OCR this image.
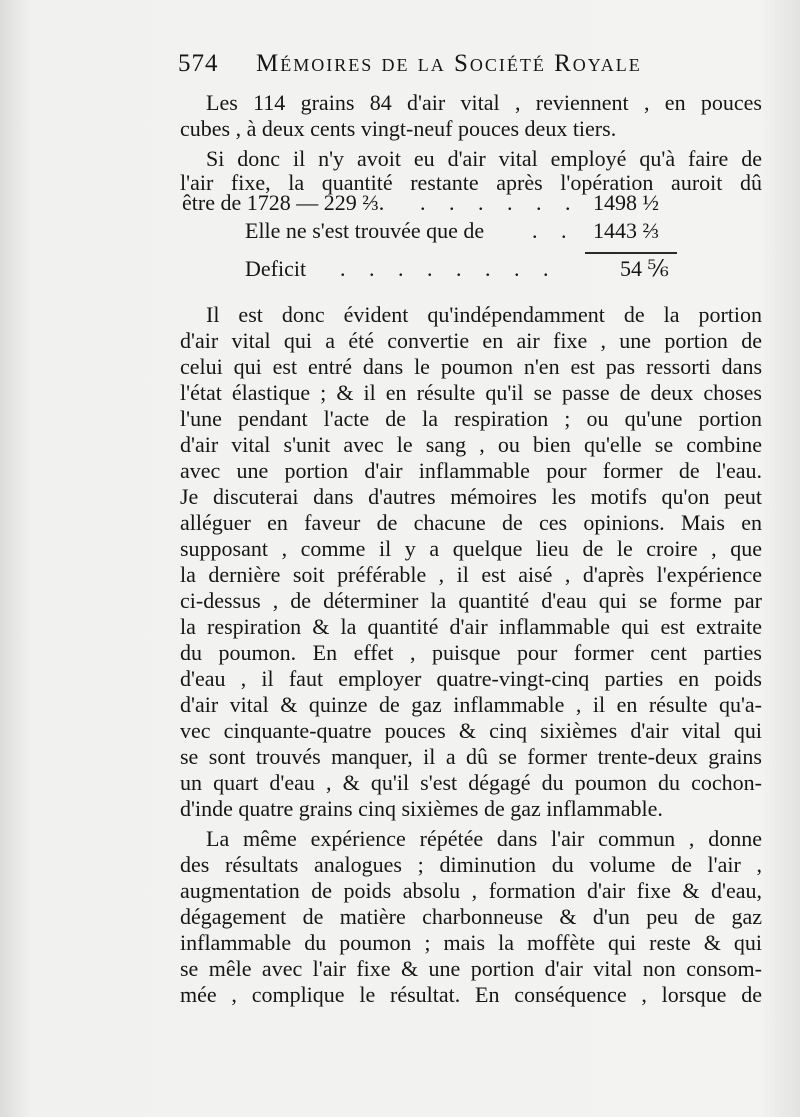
574 Mémoires de la Société Royale
Les 114 grains 84 d'air vital , reviennent , en pouces
cubes , à deux cents vingt-neuf pouces deux tiers.
Si donc il n'y avoit eu d'air vital employé qu'à faire de
l'air fixe, la quantité restante après l'opération auroit dû
être de 1728 — 229 ⅔. . . . . . . 1498 ½
Elle ne s'est trouvée que de . . 1443 ⅔
Deficit . . . . . . . .	54 ⅚
Il est donc évident qu'indépendamment de la portion
d'air vital qui a été convertie en air fixe , une portion de
celui qui est entré dans le poumon n'en est pas ressorti dans
l'état élastique ; & il en résulte qu'il se passe de deux choses
l'une pendant l'acte de la respiration ; ou qu'une portion
d'air vital s'unit avec le sang , ou bien qu'elle se combine
avec une portion d'air inflammable pour former de l'eau.
Je discuterai dans d'autres mémoires les motifs qu'on peut
alléguer en faveur de chacune de ces opinions. Mais en
supposant , comme il y a quelque lieu de le croire , que
la dernière soit préférable , il est aisé , d'après l'expérience
ci-dessus , de déterminer la quantité d'eau qui se forme par
la respiration & la quantité d'air inflammable qui est extraite
du poumon. En effet , puisque pour former cent parties
d'eau , il faut employer quatre-vingt-cinq parties en poids
d'air vital & quinze de gaz inflammable , il en résulte qu'a-
vec cinquante-quatre pouces & cinq sixièmes d'air vital qui
se sont trouvés manquer, il a dû se former trente-deux grains
un quart d'eau , & qu'il s'est dégagé du poumon du cochon-
d'inde quatre grains cinq sixièmes de gaz inflammable.
La même expérience répétée dans l'air commun , donne
des résultats analogues ; diminution du volume de l'air ,
augmentation de poids absolu , formation d'air fixe & d'eau,
dégagement de matière charbonneuse & d'un peu de gaz
inflammable du poumon ; mais la moffète qui reste & qui
se mêle avec l'air fixe & une portion d'air vital non consom-
mée , complique le résultat. En conséquence , lorsque de
